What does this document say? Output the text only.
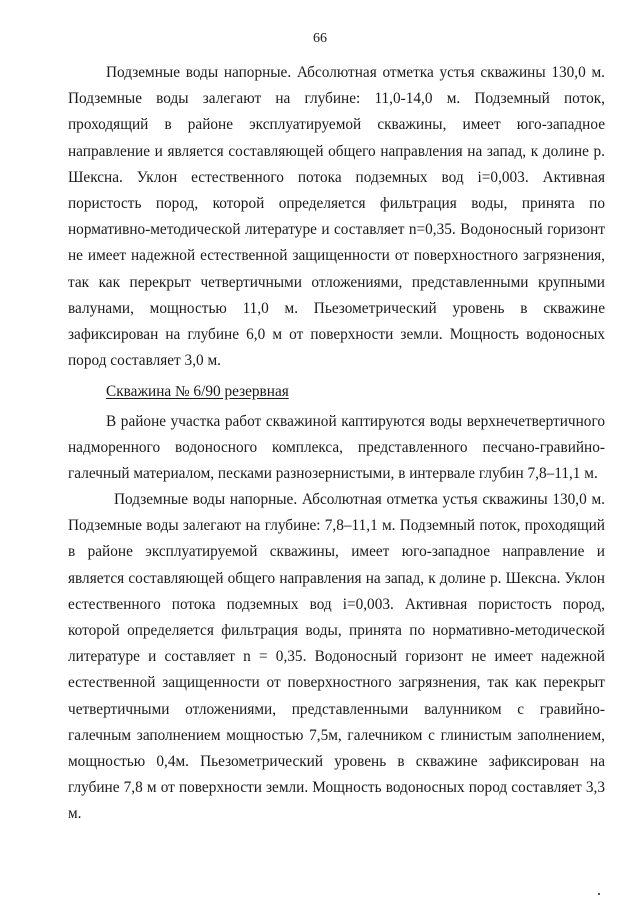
66

Подземные воды напорные. Абсолютная отметка устья скважины 130,0 м. Подземные воды залегают на глубине: 11,0-14,0 м. Подземный поток, проходящий в районе эксплуатируемой скважины, имеет юго-западное направление и является составляющей общего направления на запад, к долине р. Шексна. Уклон естественного потока подземных вод i=0,003. Активная пористость пород, которой определяется фильтрация воды, принята по нормативно-методической литературе и составляет n=0,35. Водоносный горизонт не имеет надежной естественной защищенности от поверхностного загрязнения, так как перекрыт четвертичными отложениями, представленными крупными валунами, мощностью 11,0 м. Пьезометрический уровень в скважине зафиксирован на глубине 6,0 м от поверхности земли. Мощность водоносных пород составляет 3,0 м.

Скважина № 6/90 резервная

В районе участка работ скважиной каптируются воды верхнечетвертичного надморенного водоносного комплекса, представленного песчано-гравийно-галечный материалом, песками разнозернистыми, в интервале глубин 7,8–11,1 м.

Подземные воды напорные. Абсолютная отметка устья скважины 130,0 м. Подземные воды залегают на глубине: 7,8–11,1 м. Подземный поток, проходящий в районе эксплуатируемой скважины, имеет юго-западное направление и является составляющей общего направления на запад, к долине р. Шексна. Уклон естественного потока подземных вод i=0,003. Активная пористость пород, которой определяется фильтрация воды, принята по нормативно-методической литературе и составляет n = 0,35. Водоносный горизонт не имеет надежной естественной защищенности от поверхностного загрязнения, так как перекрыт четвертичными отложениями, представленными валунником с гравийно-галечным заполнением мощностью 7,5м, галечником с глинистым заполнением, мощностью 0,4м. Пьезометрический уровень в скважине зафиксирован на глубине 7,8 м от поверхности земли. Мощность водоносных пород составляет 3,3 м.
